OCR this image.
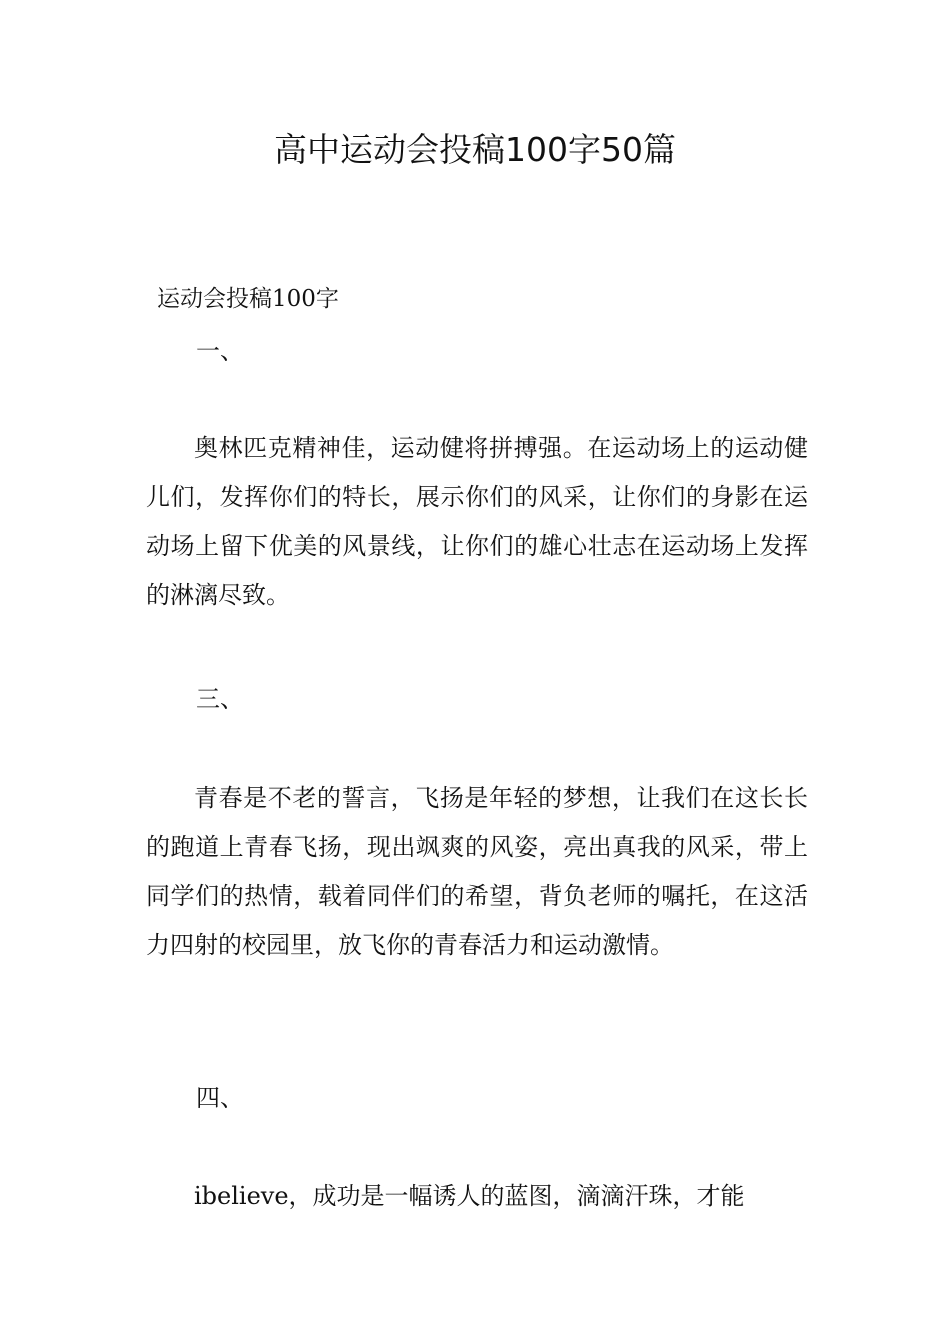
高中运动会投稿100字50篇
运动会投稿100字
一、

奥林匹克精神佳，运动健将拼搏强。在运动场上的运动健儿们，发挥你们的特长，展示你们的风采，让你们的身影在运动场上留下优美的风景线，让你们的雄心壮志在运动场上发挥的淋漓尽致。

三、

青春是不老的誓言，飞扬是年轻的梦想，让我们在这长长的跑道上青春飞扬，现出飒爽的风姿，亮出真我的风采，带上同学们的热情，载着同伴们的希望，背负老师的嘱托，在这活力四射的校园里，放飞你的青春活力和运动激情。

四、

ibelieve，成功是一幅诱人的蓝图，滴滴汗珠，才能
